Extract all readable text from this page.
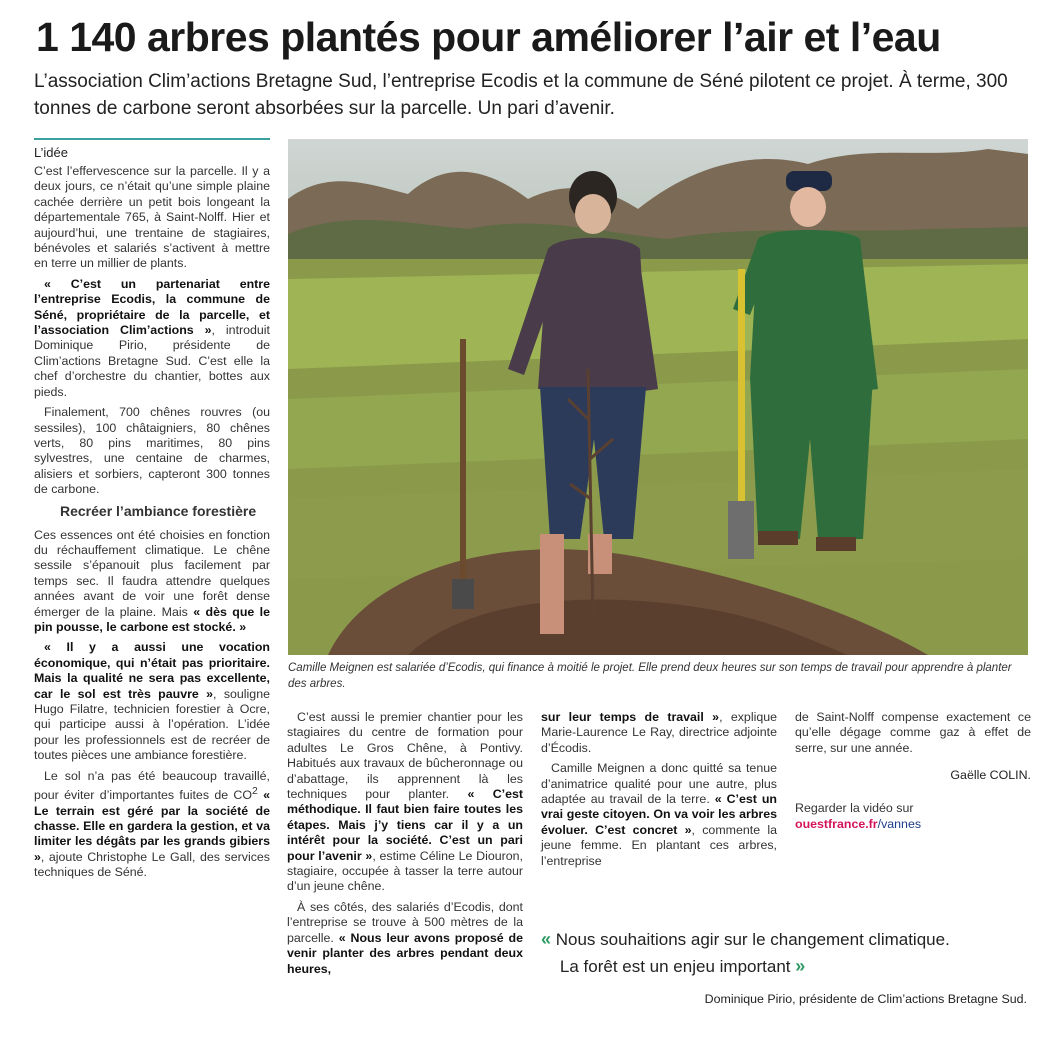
1 140 arbres plantés pour améliorer l’air et l’eau
L’association Clim’actions Bretagne Sud, l’entreprise Ecodis et la commune de Séné pilotent ce projet. À terme, 300 tonnes de carbone seront absorbées sur la parcelle. Un pari d’avenir.
L’idée

C’est l’effervescence sur la parcelle. Il y a deux jours, ce n’était qu’une simple plaine cachée derrière un petit bois longeant la départementale 765, à Saint-Nolff. Hier et aujourd’hui, une trentaine de stagiaires, bénévoles et salariés s’activent à mettre en terre un millier de plants.

« C’est un partenariat entre l’entreprise Ecodis, la commune de Séné, propriétaire de la parcelle, et l’association Clim’actions », introduit Dominique Pirio, présidente de Clim’actions Bretagne Sud. C’est elle la chef d’orchestre du chantier, bottes aux pieds.

Finalement, 700 chênes rouvres (ou sessiles), 100 châtaigniers, 80 chênes verts, 80 pins maritimes, 80 pins sylvestres, une centaine de charmes, alisiers et sorbiers, capteront 300 tonnes de carbone.

Recréer l’ambiance forestière

Ces essences ont été choisies en fonction du réchauffement climatique. Le chêne sessile s’épanouit plus facilement par temps sec. Il faudra attendre quelques années avant de voir une forêt dense émerger de la plaine. Mais « dès que le pin pousse, le carbone est stocké. »

« Il y a aussi une vocation économique, qui n’était pas prioritaire. Mais la qualité ne sera pas excellente, car le sol est très pauvre », souligne Hugo Filatre, technicien forestier à Ocre, qui participe aussi à l’opération. L’idée pour les professionnels est de recréer de toutes pièces une ambiance forestière.

Le sol n’a pas été beaucoup travaillé, pour éviter d’importantes fuites de $CO^2$ « Le terrain est géré par la société de chasse. Elle en gardera la gestion, et va limiter les dégâts par les grands gibiers », ajoute Christophe Le Gall, des services techniques de Séné.

Camille Meignen est salariée d’Ecodis, qui finance à moitié le projet. Elle prend deux heures sur son temps de travail pour apprendre à planter des arbres.

C’est aussi le premier chantier pour les stagiaires du centre de formation pour adultes Le Gros Chêne, à Pontivy. Habitués aux travaux de bûcheronnage ou d’abattage, ils apprennent là les techniques pour planter. « C’est méthodique. Il faut bien faire toutes les étapes. Mais j’y tiens car il y a un intérêt pour la société. C’est un pari pour l’avenir », estime Céline Le Diouron, stagiaire, occupée à tasser la terre autour d’un jeune chêne.

À ses côtés, des salariés d’Ecodis, dont l’entreprise se trouve à 500 mètres de la parcelle. « Nous leur avons proposé de venir planter des arbres pendant deux heures,

sur leur temps de travail », explique Marie-Laurence Le Ray, directrice adjointe d’Écodis.

Camille Meignen a donc quitté sa tenue d’animatrice qualité pour une autre, plus adaptée au travail de la terre. « C’est un vrai geste citoyen. On va voir les arbres évoluer. C’est concret », commente la jeune femme. En plantant ces arbres, l’entreprise

de Saint-Nolff compense exactement ce qu’elle dégage comme gaz à effet de serre, sur une année.

Gaëlle COLIN.
Regarder la vidéo sur ouestfrance.fr/vannes
« Nous souhaitions agir sur le changement climatique.
La forêt est un enjeu important »
Dominique Pirio, présidente de Clim’actions Bretagne Sud.
